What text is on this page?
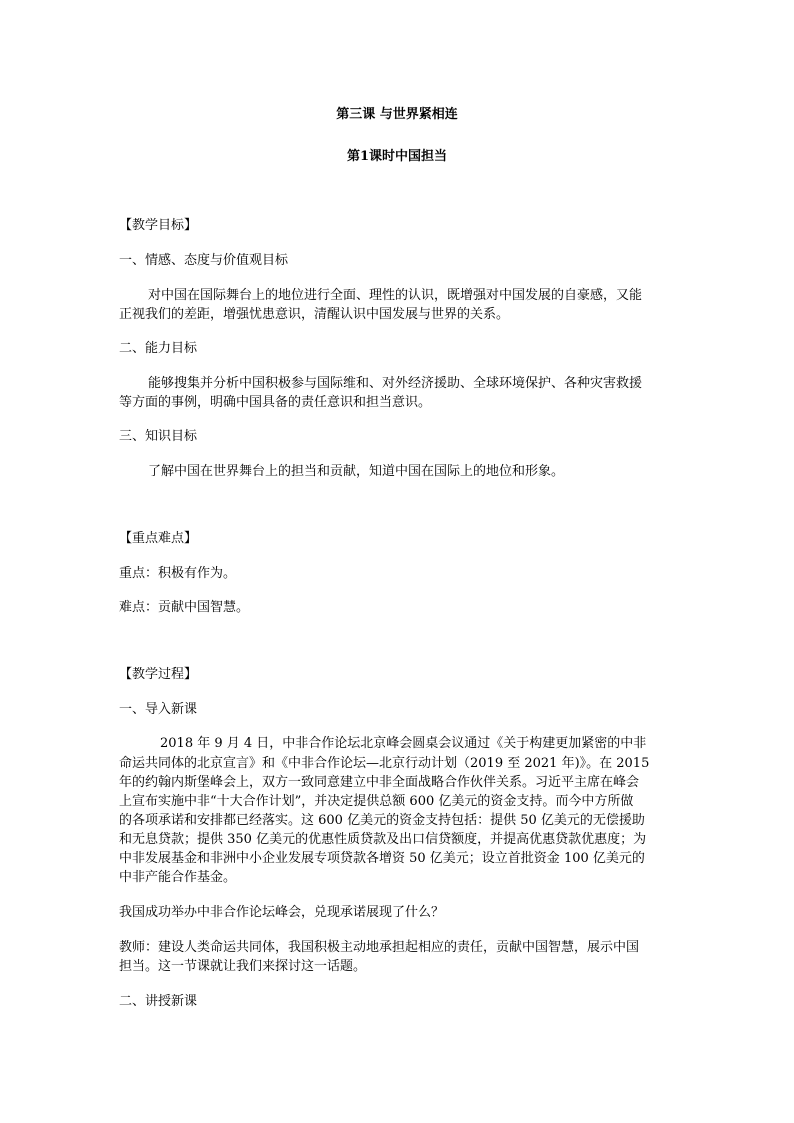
第三课 与世界紧相连
第1课时中国担当
【教学目标】
一、情感、态度与价值观目标
对中国在国际舞台上的地位进行全面、理性的认识，既增强对中国发展的自豪感，又能
正视我们的差距，增强忧患意识，清醒认识中国发展与世界的关系。
二、能力目标
能够搜集并分析中国积极参与国际维和、对外经济援助、全球环境保护、各种灾害救援
等方面的事例，明确中国具备的责任意识和担当意识。
三、知识目标
了解中国在世界舞台上的担当和贡献，知道中国在国际上的地位和形象。
【重点难点】
重点：积极有作为。
难点：贡献中国智慧。
【教学过程】
一、导入新课
2018 年 9 月 4 日，中非合作论坛北京峰会圆桌会议通过《关于构建更加紧密的中非
命运共同体的北京宣言》和《中非合作论坛—北京行动计划（2019 至 2021 年)》。在 2015
年的约翰内斯堡峰会上，双方一致同意建立中非全面战略合作伙伴关系。习近平主席在峰会
上宣布实施中非“十大合作计划”，并决定提供总额 600 亿美元的资金支持。而今中方所做
的各项承诺和安排都已经落实。这 600 亿美元的资金支持包括：提供 50 亿美元的无偿援助
和无息贷款；提供 350 亿美元的优惠性质贷款及出口信贷额度，并提高优惠贷款优惠度；为
中非发展基金和非洲中小企业发展专项贷款各增资 50 亿美元；设立首批资金 100 亿美元的
中非产能合作基金。
我国成功举办中非合作论坛峰会，兑现承诺展现了什么？
教师：建设人类命运共同体，我国积极主动地承担起相应的责任，贡献中国智慧，展示中国
担当。这一节课就让我们来探讨这一话题。
二、讲授新课
